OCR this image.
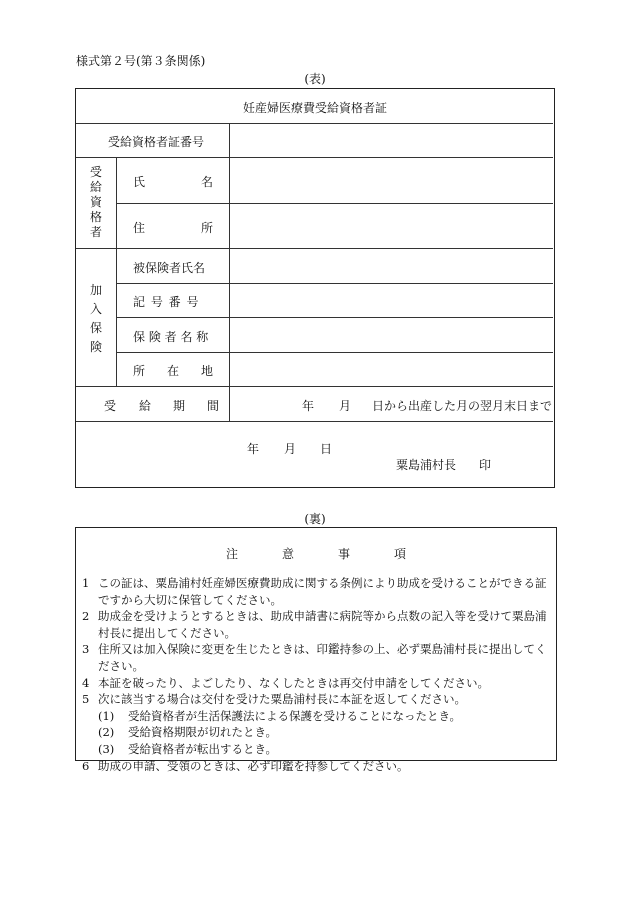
様式第２号(第３条関係)
(表)
妊産婦医療費受給資格者証
受給資格者証番号
受
給
資
格
者
氏	名
住	所
加
入
保
険
被保険者氏名
記 号 番 号
保 険 者 名 称
所 在 地
受 給 期 間	年 月 日から出産した月の翌月末日まで
年 月 日
粟島浦村長 印
(裏)
注	意	事	項
1 この証は、粟島浦村妊産婦医療費助成に関する条例により助成を受けることができる証ですから大切に保管してください。
2 助成金を受けようとするときは、助成申請書に病院等から点数の記入等を受けて粟島浦村長に提出してください。
3 住所又は加入保険に変更を生じたときは、印鑑持参の上、必ず粟島浦村長に提出してください。
4 本証を破ったり、よごしたり、なくしたときは再交付申請をしてください。
5 次に該当する場合は交付を受けた粟島浦村長に本証を返してください。
(1)	受給資格者が生活保護法による保護を受けることになったとき。
(2)	受給資格期限が切れたとき。
(3)	受給資格者が転出するとき。
6 助成の申請、受領のときは、必ず印鑑を持参してください。
